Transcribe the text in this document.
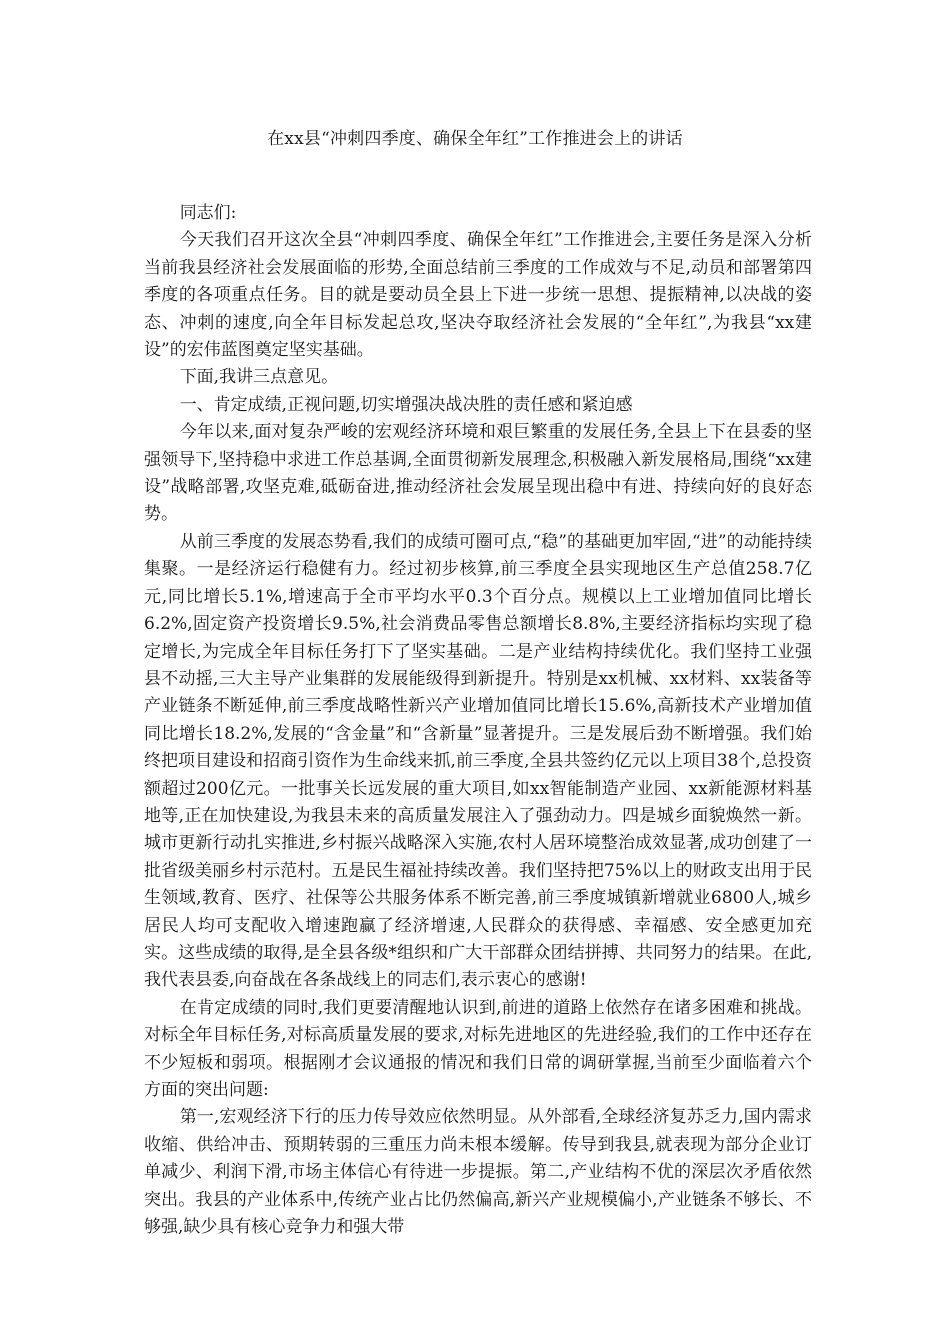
在xx县“冲刺四季度、确保全年红”工作推进会上的讲话

同志们:

今天我们召开这次全县“冲刺四季度、确保全年红”工作推进会,主要任务是深入分析当前我县经济社会发展面临的形势,全面总结前三季度的工作成效与不足,动员和部署第四季度的各项重点任务。目的就是要动员全县上下进一步统一思想、提振精神,以决战的姿态、冲刺的速度,向全年目标发起总攻,坚决夺取经济社会发展的“全年红”,为我县“xx建设”的宏伟蓝图奠定坚实基础。

下面,我讲三点意见。

一、肯定成绩,正视问题,切实增强决战决胜的责任感和紧迫感

今年以来,面对复杂严峻的宏观经济环境和艰巨繁重的发展任务,全县上下在县委的坚强领导下,坚持稳中求进工作总基调,全面贯彻新发展理念,积极融入新发展格局,围绕“xx建设”战略部署,攻坚克难,砥砺奋进,推动经济社会发展呈现出稳中有进、持续向好的良好态势。

从前三季度的发展态势看,我们的成绩可圈可点,“稳”的基础更加牢固,“进”的动能持续集聚。一是经济运行稳健有力。经过初步核算,前三季度全县实现地区生产总值258.7亿元,同比增长5.1%,增速高于全市平均水平0.3个百分点。规模以上工业增加值同比增长6.2%,固定资产投资增长9.5%,社会消费品零售总额增长8.8%,主要经济指标均实现了稳定增长,为完成全年目标任务打下了坚实基础。二是产业结构持续优化。我们坚持工业强县不动摇,三大主导产业集群的发展能级得到新提升。特别是xx机械、xx材料、xx装备等产业链条不断延伸,前三季度战略性新兴产业增加值同比增长15.6%,高新技术产业增加值同比增长18.2%,发展的“含金量”和“含新量”显著提升。三是发展后劲不断增强。我们始终把项目建设和招商引资作为生命线来抓,前三季度,全县共签约亿元以上项目38个,总投资额超过200亿元。一批事关长远发展的重大项目,如xx智能制造产业园、xx新能源材料基地等,正在加快建设,为我县未来的高质量发展注入了强劲动力。四是城乡面貌焕然一新。城市更新行动扎实推进,乡村振兴战略深入实施,农村人居环境整治成效显著,成功创建了一批省级美丽乡村示范村。五是民生福祉持续改善。我们坚持把75%以上的财政支出用于民生领域,教育、医疗、社保等公共服务体系不断完善,前三季度城镇新增就业6800人,城乡居民人均可支配收入增速跑赢了经济增速,人民群众的获得感、幸福感、安全感更加充实。这些成绩的取得,是全县各级*组织和广大干部群众团结拼搏、共同努力的结果。在此,我代表县委,向奋战在各条战线上的同志们,表示衷心的感谢!

在肯定成绩的同时,我们更要清醒地认识到,前进的道路上依然存在诸多困难和挑战。对标全年目标任务,对标高质量发展的要求,对标先进地区的先进经验,我们的工作中还存在不少短板和弱项。根据刚才会议通报的情况和我们日常的调研掌握,当前至少面临着六个方面的突出问题:

第一,宏观经济下行的压力传导效应依然明显。从外部看,全球经济复苏乏力,国内需求收缩、供给冲击、预期转弱的三重压力尚未根本缓解。传导到我县,就表现为部分企业订单减少、利润下滑,市场主体信心有待进一步提振。第二,产业结构不优的深层次矛盾依然突出。我县的产业体系中,传统产业占比仍然偏高,新兴产业规模偏小,产业链条不够长、不够强,缺少具有核心竞争力和强大带
